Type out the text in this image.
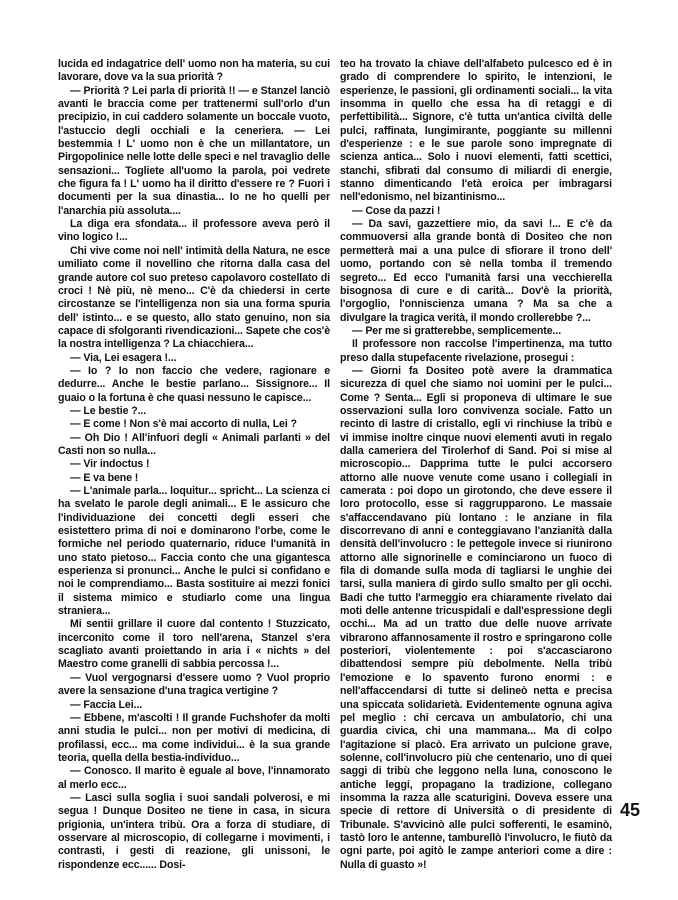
lucida ed indagatrice dell' uomo non ha materia, su cui lavorare, dove va la sua priorità ?

— Priorità ? Lei parla di priorità !! — e Stanzel lanciò avanti le braccia come per trattenermi sull'orlo d'un precipizio, in cui caddero solamente un boccale vuoto, l'astuccio degli occhiali e la ceneriera. — Lei bestemmia ! L' uomo non è che un millantatore, un Pirgopolinice nelle lotte delle speci e nel travaglio delle sensazioni... Togliete all'uomo la parola, poi vedrete che figura fa ! L' uomo ha il diritto d'essere re ? Fuori i documenti per la sua dinastia... Io ne ho quelli per l'anarchia più assoluta....

La diga era sfondata... il professore aveva però il vino logico !...

Chi vive come noi nell' intimità della Natura, ne esce umiliato come il novellino che ritorna dalla casa del grande autore col suo preteso capolavoro costellato di croci ! Nè più, nè meno... C'è da chiedersi in certe circostanze se l'intelligenza non sia una forma spuria dell' istinto... e se questo, allo stato genuino, non sia capace di sfolgoranti rivendicazioni... Sapete che cos'è la nostra intelligenza ? La chiacchiera...

— Via, Lei esagera !...

— Io ? Io non faccio che vedere, ragionare e dedurre... Anche le bestie parlano... Sissignore... Il guaio o la fortuna è che quasi nessuno le capisce...

— Le bestie ?...

— E come ! Non s'è mai accorto di nulla, Lei ?

— Oh Dio ! All'infuori degli « Animali parlanti » del Casti non so nulla...

— Vir indoctus !

— E va bene !

— L'animale parla... loquitur... spricht... La scienza ci ha svelato le parole degli animali... E le assicuro che l'individuazione dei concetti degli esseri che esistettero prima di noi e dominarono l'orbe, come le formiche nel periodo quaternario, riduce l'umanità in uno stato pietoso... Faccia conto che una gigantesca esperienza si pronunci... Anche le pulci si confidano e noi le comprendiamo... Basta sostituire ai mezzi fonici il sistema mimico e studiarlo come una lingua straniera...

Mi sentii grillare il cuore dal contento ! Stuzzicato, incerconito come il toro nell'arena, Stanzel s'era scagliato avanti proiettando in aria i « nichts » del Maestro come granelli di sabbia percossa !...

— Vuol vergognarsi d'essere uomo ? Vuol proprio avere la sensazione d'una tragica vertigine ?

— Faccia Lei...

— Ebbene, m'ascolti ! Il grande Fuchshofer da molti anni studia le pulci... non per motivi di medicina, di profilassi, ecc... ma come individui... è la sua grande teoria, quella della bestia-individuo...

— Conosco. Il marito è eguale al bove, l'innamorato al merlo ecc...

— Lasci sulla soglia i suoi sandali polverosi, e mi segua ! Dunque Dositeo ne tiene in casa, in sicura prigionia, un'intera tribù. Ora a forza di studiare, di osservare al microscopio, di collegarne i movimenti, i contrasti, i gesti di reazione, gli unissoni, le rispondenze ecc...... Dosi-

teo ha trovato la chiave dell'alfabeto pulcesco ed è in grado di comprendere lo spirito, le intenzioni, le esperienze, le passioni, gli ordinamenti sociali... la vita insomma in quello che essa ha di retaggi e di perfettibilità... Signore, c'è tutta un'antica civiltà delle pulci, raffinata, lungimirante, poggiante su millenni d'esperienze : e le sue parole sono impregnate di scienza antica... Solo i nuovi elementi, fatti scettici, stanchi, sfibrati dal consumo di miliardi di energie, stanno dimenticando l'età eroica per imbragarsi nell'edonismo, nel bizantinismo...

— Cose da pazzi !

— Da savi, gazzettiere mio, da savi !... E c'è da commuoversi alla grande bontà di Dositeo che non permetterà mai a una pulce di sfiorare il trono dell' uomo, portando con sè nella tomba il tremendo segreto... Ed ecco l'umanità farsi una vecchierella bisognosa di cure e di carità... Dov'è la priorità, l'orgoglio, l'onniscienza umana ? Ma sa che a divulgare la tragica verità, il mondo crollerebbe ?...

— Per me si gratterebbe, semplicemente...

Il professore non raccolse l'impertinenza, ma tutto preso dalla stupefacente rivelazione, prosegui :

— Giorni fa Dositeo potè avere la drammatica sicurezza di quel che siamo noi uomini per le pulci... Come ? Senta... Egli si proponeva di ultimare le sue osservazioni sulla loro convivenza sociale. Fatto un recinto di lastre di cristallo, egli vi rinchiuse la tribù e vi immise inoltre cinque nuovi elementi avuti in regalo dalla cameriera del Tirolerhof di Sand. Poi si mise al microscopio... Dapprima tutte le pulci accorsero attorno alle nuove venute come usano i collegiali in camerata : poi dopo un girotondo, che deve essere il loro protocollo, esse si raggrupparono. Le massaie s'affaccendavano più lontano : le anziane in fila discorrevano di anni e conteggiavano l'anzianità dalla densità dell'involucro : le pettegole invece si riunirono attorno alle signorinelle e cominciarono un fuoco di fila di domande sulla moda di tagliarsi le unghie dei tarsi, sulla maniera di girdo sullo smalto per gli occhi. Badi che tutto l'armeggio era chiaramente rivelato dai moti delle antenne tricuspidali e dall'espressione degli occhi... Ma ad un tratto due delle nuove arrivate vibrarono affannosamente il rostro e springarono colle posteriori, violentemente : poi s'accasciarono dibattendosi sempre più debolmente. Nella tribù l'emozione e lo spavento furono enormi : e nell'affaccendarsi di tutte si delineò netta e precisa una spiccata solidarietà. Evidentemente ognuna agiva pel meglio : chi cercava un ambulatorio, chi una guardia civica, chi una mammana... Ma di colpo l'agitazione si placò. Era arrivato un pulcione grave, solenne, coll'involucro più che centenario, uno di quei saggi di tribù che leggono nella luna, conoscono le antiche leggi, propagano la tradizione, collegano insomma la razza alle scaturigini. Doveva essere una specie di rettore di Università o di presidente di Tribunale. S'avvicinò alle pulci sofferenti, le esaminò, tastò loro le antenne, tamburellò l'involucro, le fiutò da ogni parte, poi agitò le zampe anteriori come a dire : Nulla di guasto »!

45
